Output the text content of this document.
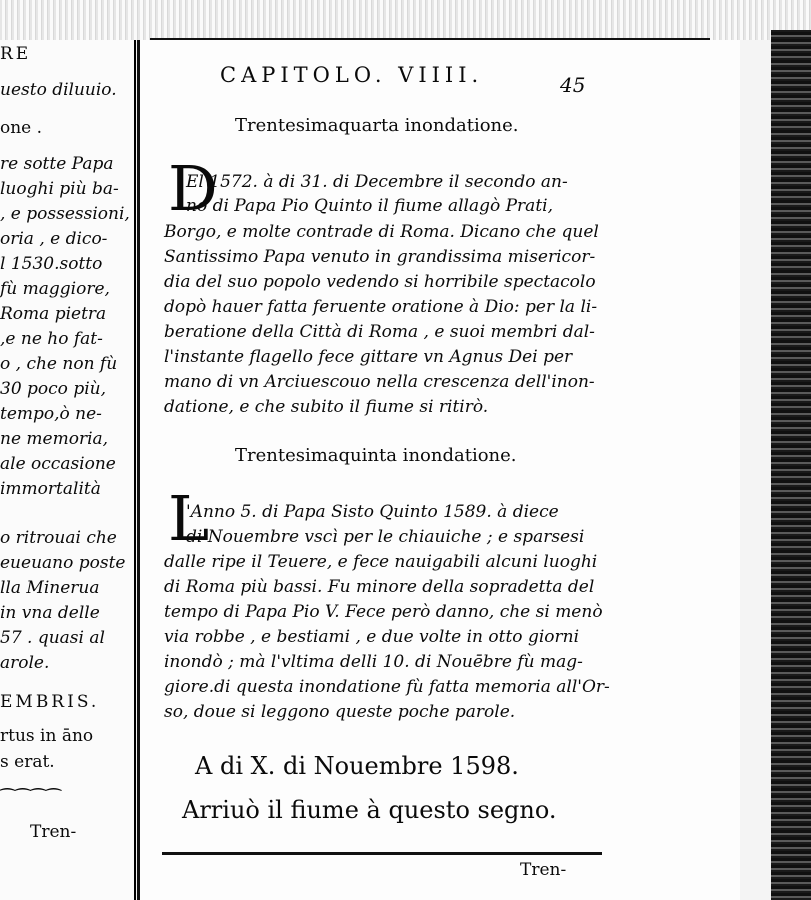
RE
uesto diluuio.
one .
re sotte Papa
luoghi più ba-
, e possessioni,
oria , e dico-
l 1530.sotto
fù maggiore,
Roma pietra
,e ne ho fat-
o , che non fù
30 poco più,
tempo,ò ne-
ne memoria,
ale occasione
immortalità
o ritrouai che
eueuano poste
lla Minerua
in vna delle
57 . quasi al
arole.
EMBRIS.
rtus in āno
s erat.
⁀⁀⁀⁀
Tren-
CAPITOLO. VIIII.	45
Trentesimaquarta inondatione.
D
El 1572. à di 31. di Decembre il secondo an-
no di Papa Pio Quinto il fiume allagò Prati,
Borgo, e molte contrade di Roma. Dicano che quel
Santissimo Papa venuto in grandissima misericor-
dia del suo popolo vedendo si horribile spectacolo
dopò hauer fatta feruente oratione à Dio: per la li-
beratione della Città di Roma , e suoi membri dal-
l'instante flagello fece gittare vn Agnus Dei per
mano di vn Arciuescouo nella crescenza dell'inon-
datione, e che subito il fiume si ritirò.
Trentesimaquinta inondatione.
L
'Anno 5. di Papa Sisto Quinto 1589. à diece
di Nouembre vscì per le chiauiche ; e sparsesi
dalle ripe il Teuere, e fece nauigabili alcuni luoghi
di Roma più bassi. Fu minore della sopradetta del
tempo di Papa Pio V. Fece però danno, che si menò
via robbe , e bestiami , e due volte in otto giorni
inondò ; mà l'vltima delli 10. di Nouēbre fù mag-
giore.di questa inondatione fù fatta memoria all'Or-
so, doue si leggono queste poche parole.
A di X. di Nouembre 1598.
Arriuò il fiume à questo segno.
Tren-
